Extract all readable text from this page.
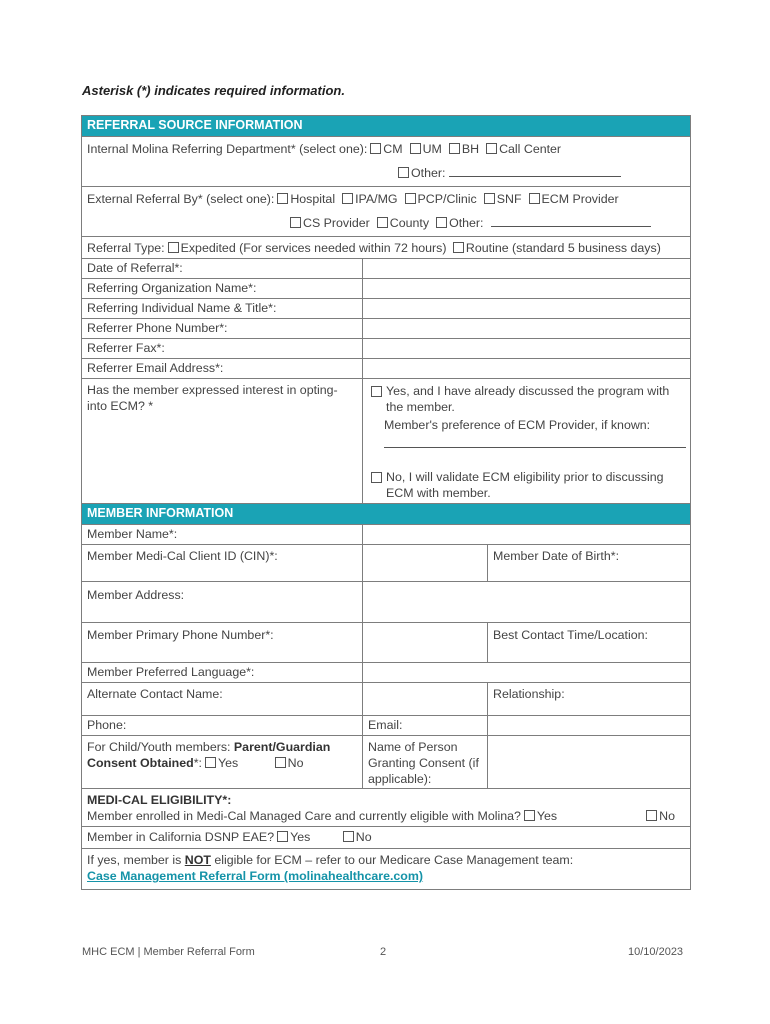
Asterisk (*) indicates required information.
REFERRAL SOURCE INFORMATION		

Internal Molina Referring Department* (select one): CM UM BH Call Center
Other:		

External Referral By* (select one): Hospital IPA/MG PCP/Clinic SNF ECM Provider
CS Provider County Other:		

Referral Type: Expedited (For services needed within 72 hours) Routine (standard 5 business days)		
Date of Referral*:		
Referring Organization Name*:		
Referring Individual Name & Title*:		
Referrer Phone Number*:		
Referrer Fax*:		
Referrer Email Address*:		
Has the member expressed interest in opting-into ECM? *	Yes, and I have already discussed the program with the member.
Member's preference of ECM Provider, if known:
No, I will validate ECM eligibility prior to discussing ECM with member.	

MEMBER INFORMATION		
Member Name*:		
Member Medi-Cal Client ID (CIN)*:		Member Date of Birth*:
Member Address:		
Member Primary Phone Number*:		Best Contact Time/Location:
Member Preferred Language*:		
Alternate Contact Name:		Relationship:
Phone:	Email:	
For Child/Youth members: Parent/Guardian
Consent Obtained*: Yes No	Name of Person Granting Consent (if applicable):	

MEDI-CAL ELIGIBILITY*:
Member enrolled in Medi-Cal Managed Care and currently eligible with Molina? Yes No		

Member in California DSNP EAE? Yes No		
If yes, member is NOT eligible for ECM – refer to our Medicare Case Management team:
Case Management Referral Form (molinahealthcare.com)		
MHC ECM | Member Referral Form	2	10/10/2023
